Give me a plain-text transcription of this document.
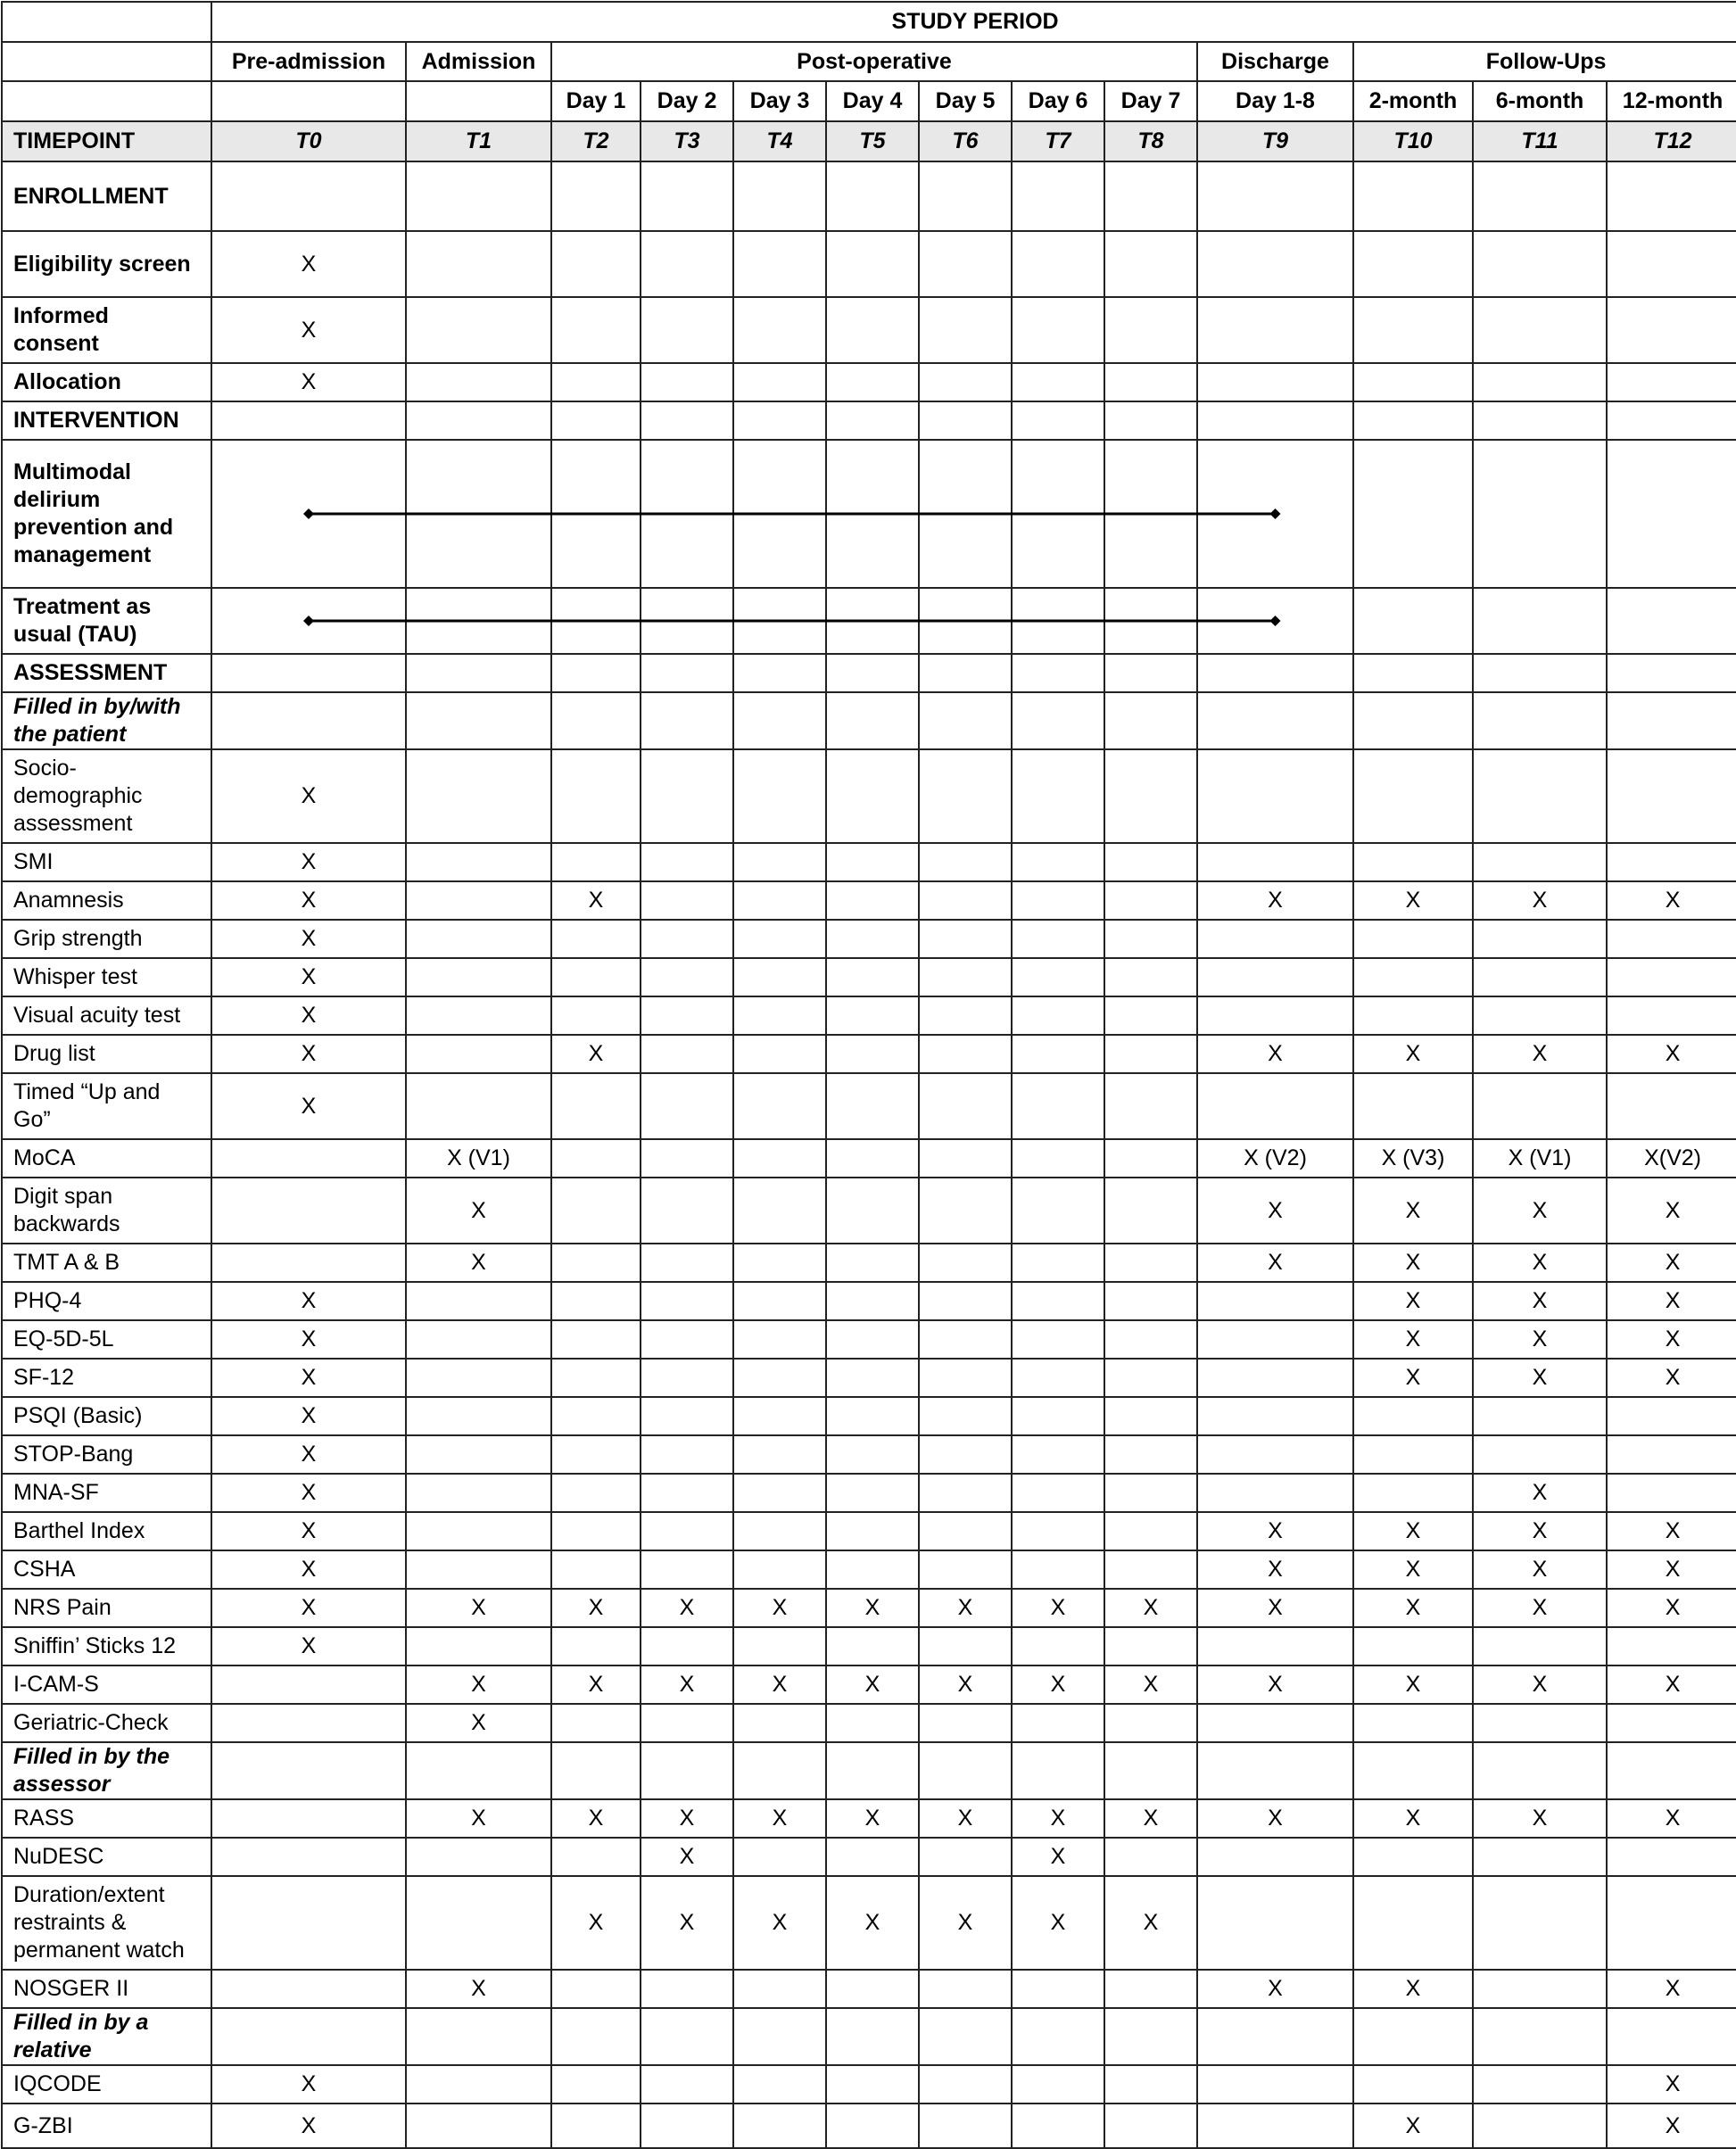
	STUDY PERIOD												
	Pre-admission	Admission	Post-operative							Discharge	Follow-Ups		
			Day 1	Day 2	Day 3	Day 4	Day 5	Day 6	Day 7	Day 1-8	2-month	6-month	12-month
TIMEPOINT	T0	T1	T2	T3	T4	T5	T6	T7	T8	T9	T10	T11	T12
ENROLLMENT													
Eligibility screen	X												
Informed consent	X												
Allocation	X												
INTERVENTION													
Multimodal delirium prevention and management													
Treatment as usual (TAU)													
ASSESSMENT													
Filled in by/with the patient													
Socio-demographic assessment	X												
SMI	X												
Anamnesis	X		X							X	X	X	X
Grip strength	X												
Whisper test	X												
Visual acuity test	X												
Drug list	X		X							X	X	X	X
Timed “Up and Go”	X												
MoCA		X (V1)								X (V2)	X (V3)	X (V1)	X(V2)
Digit span backwards		X								X	X	X	X
TMT A & B		X								X	X	X	X
PHQ-4	X										X	X	X
EQ-5D-5L	X										X	X	X
SF-12	X										X	X	X
PSQI (Basic)	X												
STOP-Bang	X												
MNA-SF	X											X	
Barthel Index	X									X	X	X	X
CSHA	X									X	X	X	X
NRS Pain	X	X	X	X	X	X	X	X	X	X	X	X	X
Sniffin’ Sticks 12	X												
I-CAM-S		X	X	X	X	X	X	X	X	X	X	X	X
Geriatric-Check		X											
Filled in by the assessor													
RASS		X	X	X	X	X	X	X	X	X	X	X	X
NuDESC				X				X					
Duration/extent restraints & permanent watch			X	X	X	X	X	X	X				
NOSGER II		X								X	X		X
Filled in by a relative													
IQCODE	X												X
G-ZBI	X										X		X
